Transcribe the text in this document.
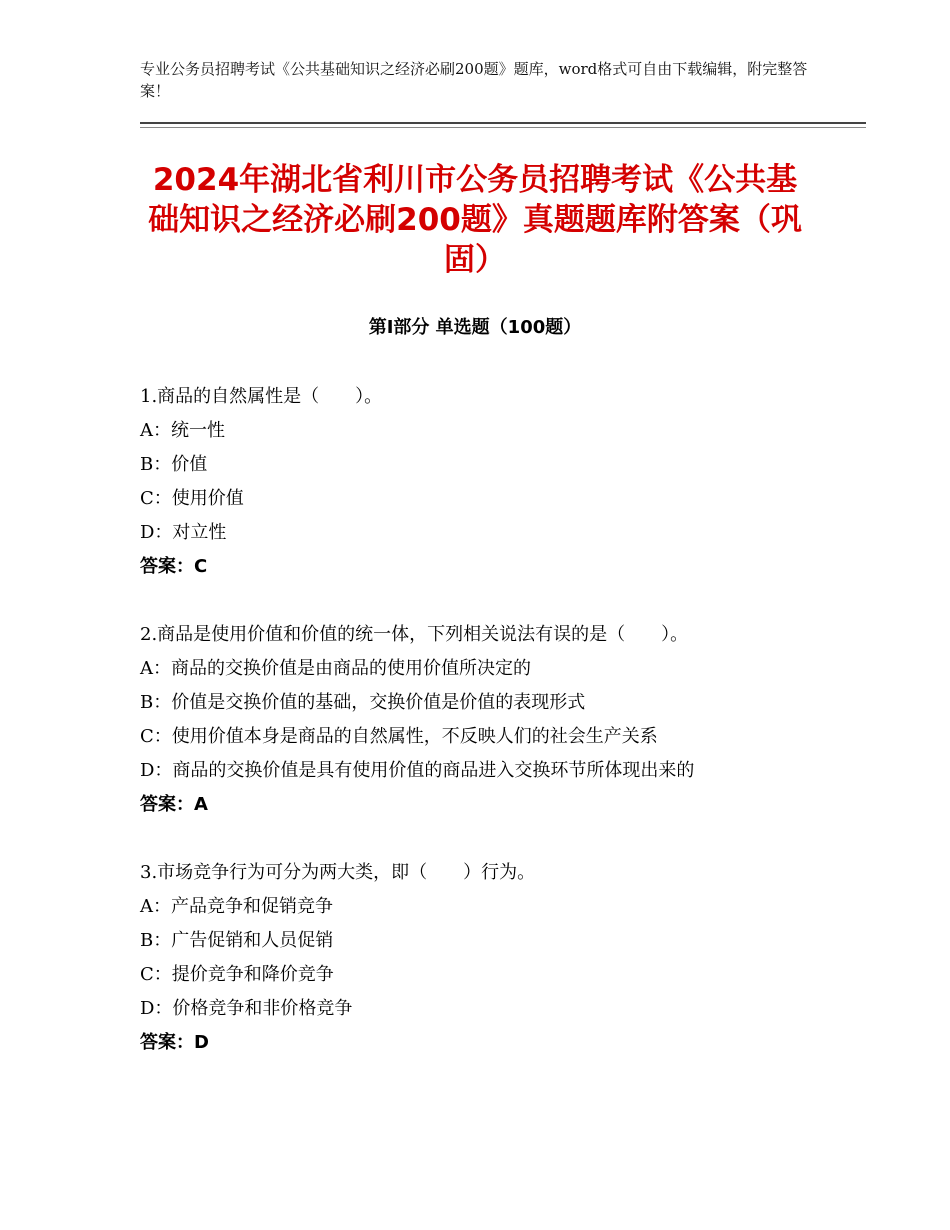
专业公务员招聘考试《公共基础知识之经济必刷200题》题库，word格式可自由下载编辑，附完整答案！
2024年湖北省利川市公务员招聘考试《公共基础知识之经济必刷200题》真题题库附答案（巩固）
第Ⅰ部分 单选题（100题）
1.商品的自然属性是（　　）。
A：统一性
B：价值
C：使用价值
D：对立性
答案：C
2.商品是使用价值和价值的统一体，下列相关说法有误的是（　　）。
A：商品的交换价值是由商品的使用价值所决定的
B：价值是交换价值的基础，交换价值是价值的表现形式
C：使用价值本身是商品的自然属性，不反映人们的社会生产关系
D：商品的交换价值是具有使用价值的商品进入交换环节所体现出来的
答案：A
3.市场竞争行为可分为两大类，即（　　）行为。
A：产品竞争和促销竞争
B：广告促销和人员促销
C：提价竞争和降价竞争
D：价格竞争和非价格竞争
答案：D
